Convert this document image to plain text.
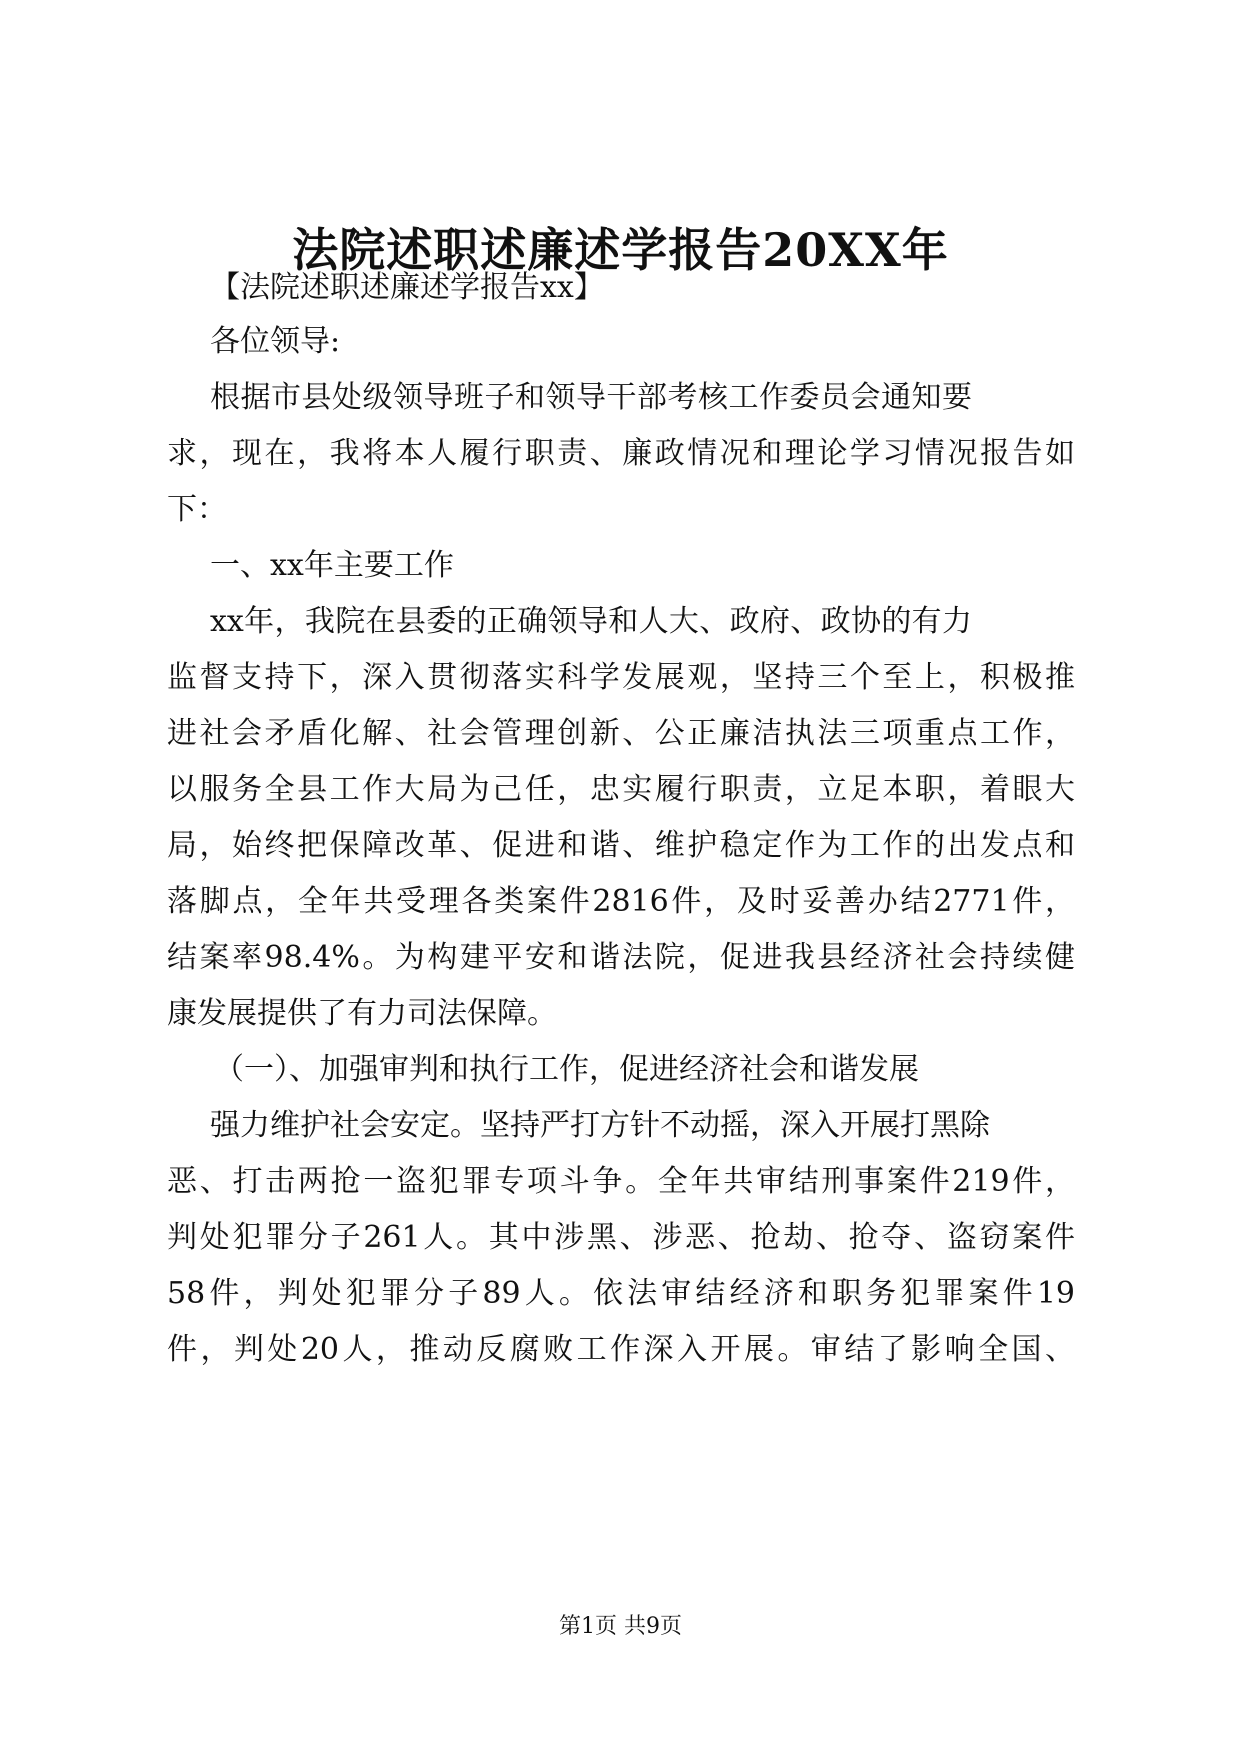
法院述职述廉述学报告20XX年
【法院述职述廉述学报告xx】
各位领导:
根据市县处级领导班子和领导干部考核工作委员会通知要
求，现在，我将本人履行职责、廉政情况和理论学习情况报告如
下：
一、xx年主要工作
xx年，我院在县委的正确领导和人大、政府、政协的有力
监督支持下，深入贯彻落实科学发展观，坚持三个至上，积极推
进社会矛盾化解、社会管理创新、公正廉洁执法三项重点工作，
以服务全县工作大局为己任，忠实履行职责，立足本职，着眼大
局，始终把保障改革、促进和谐、维护稳定作为工作的出发点和
落脚点，全年共受理各类案件2816件，及时妥善办结2771件，
结案率98.4%。为构建平安和谐法院，促进我县经济社会持续健
康发展提供了有力司法保障。
（一）、加强审判和执行工作，促进经济社会和谐发展
强力维护社会安定。坚持严打方针不动摇，深入开展打黑除
恶、打击两抢一盗犯罪专项斗争。全年共审结刑事案件219件，
判处犯罪分子261人。其中涉黑、涉恶、抢劫、抢夺、盗窃案件
58件，判处犯罪分子89人。依法审结经济和职务犯罪案件19
件，判处20人，推动反腐败工作深入开展。审结了影响全国、
第1页 共9页
